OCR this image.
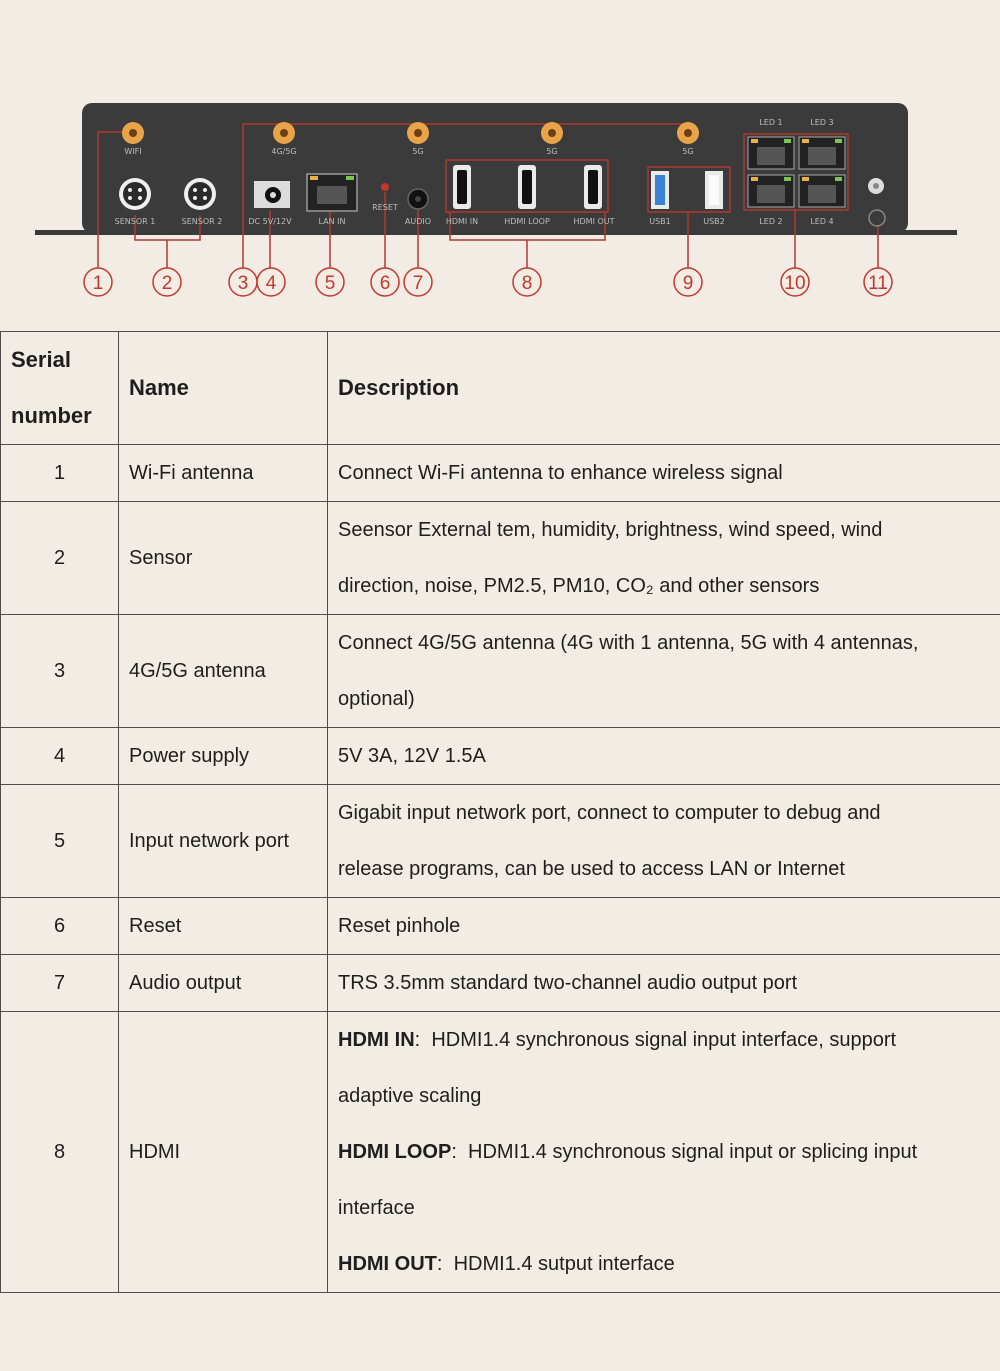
WIFI	4G/5G	5G	5G	5G
SENSOR 1	SENSOR 2	DC 5V/12V	LAN IN
RESET
AUDIO HDMI IN	HDMI LOOP	HDMI OUT	USB1	USB2
LED 1	LED 3
LED 2	LED 4
1	2	3 4	5 6 7	8	9	10	11
Serial
number	Name	Description
1	Wi-Fi antenna	Connect Wi-Fi antenna to enhance wireless signal
2	Sensor	Seensor External tem, humidity, brightness, wind speed, wind
direction, noise, PM2.5, PM10, CO₂ and other sensors
3	4G/5G antenna	Connect 4G/5G antenna (4G with 1 antenna, 5G with 4 antennas,
optional)
4	Power supply	5V 3A, 12V 1.5A
5	Input network port	Gigabit input network port, connect to computer to debug and
release programs, can be used to access LAN or Internet
6	Reset	Reset pinhole
7	Audio output	TRS 3.5mm standard two-channel audio output port
8	HDMI	HDMI IN:  HDMI1.4 synchronous signal input interface, support
adaptive scaling
HDMI LOOP:  HDMI1.4 synchronous signal input or splicing input
interface
HDMI OUT:  HDMI1.4 sutput interface
